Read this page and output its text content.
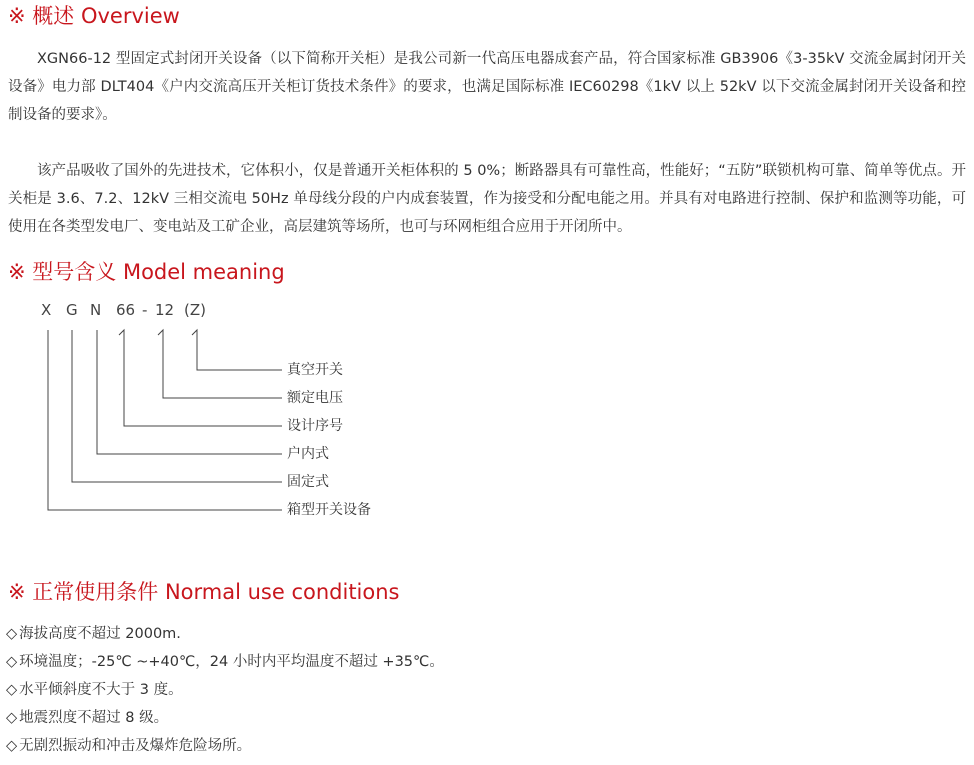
※ 概述 Overview

XGN66-12 型固定式封闭开关设备（以下简称开关柜）是我公司新一代高压电器成套产品，符合国家标准 GB3906《3-35kV 交流金属封闭开关设备》电力部 DLT404《户内交流高压开关柜订货技术条件》的要求，也满足国际标准 IEC60298《1kV 以上 52kV 以下交流金属封闭开关设备和控制设备的要求》。

该产品吸收了国外的先进技术，它体积小，仅是普通开关柜体积的 5 0%；断路器具有可靠性高，性能好；“五防”联锁机构可靠、简单等优点。开关柜是 3.6、7.2、12kV 三相交流电 50Hz 单母线分段的户内成套装置，作为接受和分配电能之用。并具有对电路进行控制、保护和监测等功能，可使用在各类型发电厂、变电站及工矿企业，高层建筑等场所，也可与环网柜组合应用于开闭所中。

※ 型号含义 Model meaning
X G N 66 - 12 (Z)
真空开关
额定电压
设计序号
户内式
固定式
箱型开关设备
※ 正常使用条件 Normal use conditions
◇ 海拔高度不超过 2000m.
◇ 环境温度；-25℃ ~+40℃，24 小时内平均温度不超过 +35℃。
◇ 水平倾斜度不大于 3 度。
◇ 地震烈度不超过 8 级。
◇ 无剧烈振动和冲击及爆炸危险场所。
